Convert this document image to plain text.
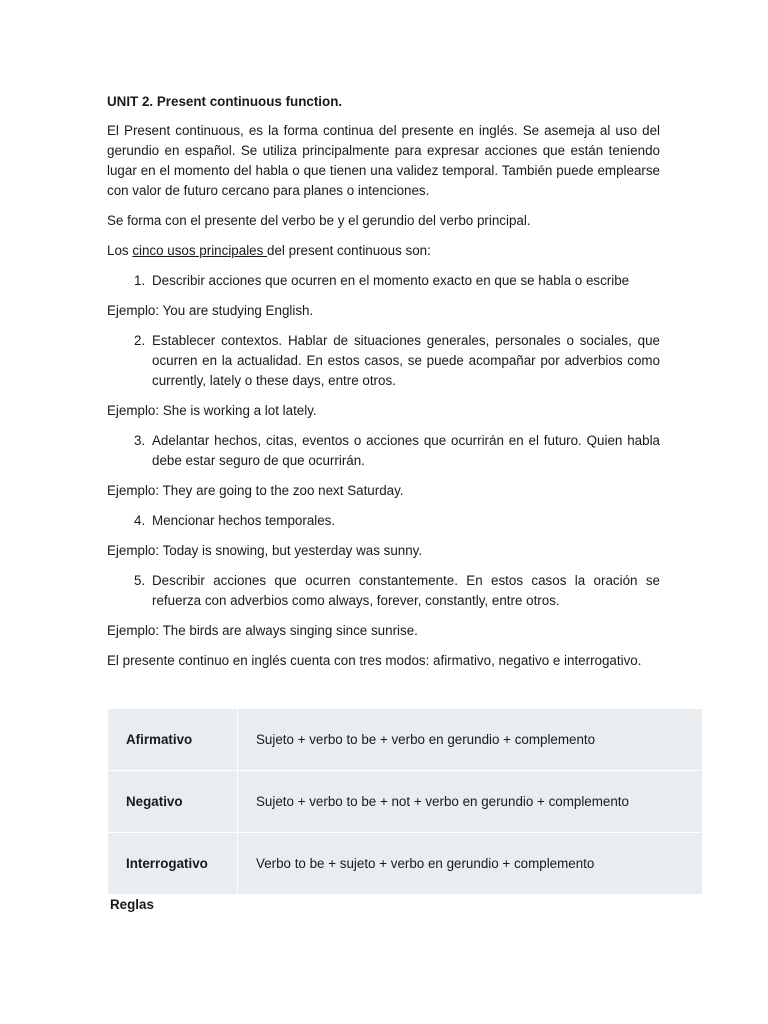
UNIT 2. Present continuous function.

El Present continuous, es la forma continua del presente en inglés. Se asemeja al uso del gerundio en español. Se utiliza principalmente para expresar acciones que están teniendo lugar en el momento del habla o que tienen una validez temporal. También puede emplearse con valor de futuro cercano para planes o intenciones.

Se forma con el presente del verbo be y el gerundio del verbo principal.

Los cinco usos principales del present continuous son:

1. Describir acciones que ocurren en el momento exacto en que se habla o escribe

Ejemplo: You are studying English.

2. Establecer contextos. Hablar de situaciones generales, personales o sociales, que ocurren en la actualidad. En estos casos, se puede acompañar por adverbios como currently, lately o these days, entre otros.

Ejemplo: She is working a lot lately.

3. Adelantar hechos, citas, eventos o acciones que ocurrirán en el futuro. Quien habla debe estar seguro de que ocurrirán.

Ejemplo: They are going to the zoo next Saturday.

4. Mencionar hechos temporales.

Ejemplo: Today is snowing, but yesterday was sunny.

5. Describir acciones que ocurren constantemente. En estos casos la oración se refuerza con adverbios como always, forever, constantly, entre otros.

Ejemplo: The birds are always singing since sunrise.

El presente continuo en inglés cuenta con tres modos: afirmativo, negativo e interrogativo.

Afirmativo	Sujeto + verbo to be + verbo en gerundio + complemento
Negativo	Sujeto + verbo to be + not + verbo en gerundio + complemento
Interrogativo	Verbo to be + sujeto + verbo en gerundio + complemento
Reglas
